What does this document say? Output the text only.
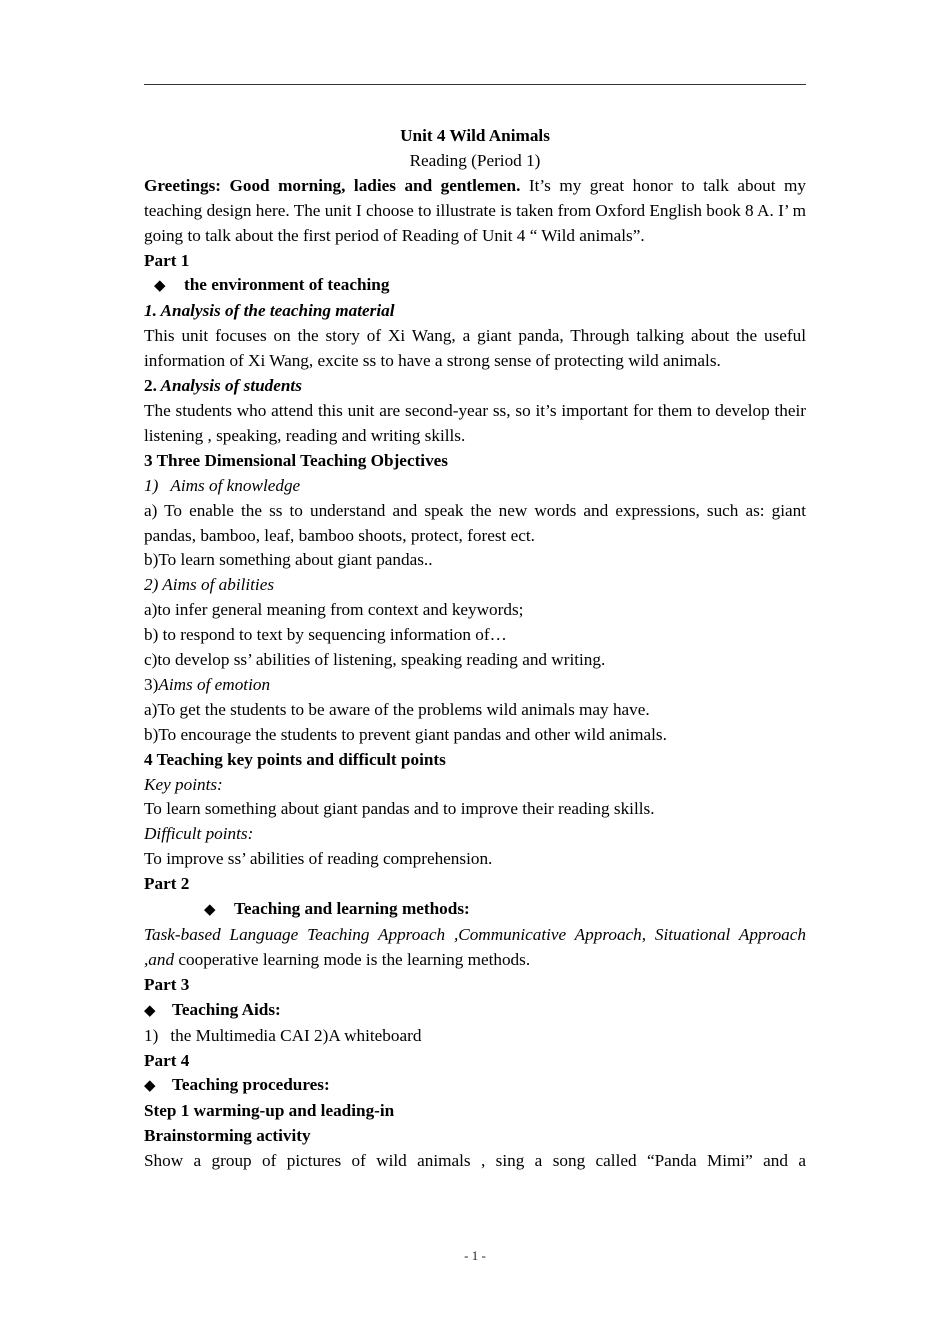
Unit 4 Wild Animals
Reading (Period 1)
Greetings: Good morning, ladies and gentlemen. It’s my great honor to talk about my teaching design here. The unit I choose to illustrate is taken from Oxford English book 8 A. I’ m going to talk about the first period of Reading of Unit 4 “ Wild animals”.
Part 1
◆ the environment of teaching
1. Analysis of the teaching material
This unit focuses on the story of Xi Wang, a giant panda, Through talking about the useful information of Xi Wang, excite ss to have a strong sense of protecting wild animals.
2. Analysis of students
The students who attend this unit are second-year ss, so it’s important for them to develop their listening , speaking, reading and writing skills.
3 Three Dimensional Teaching Objectives
1) Aims of knowledge
a) To enable the ss to understand and speak the new words and expressions, such as: giant pandas, bamboo, leaf, bamboo shoots, protect, forest ect.
b)To learn something about giant pandas..
2) Aims of abilities
a)to infer general meaning from context and keywords;
b) to respond to text by sequencing information of…
c)to develop ss’ abilities of listening, speaking reading and writing.
3)Aims of emotion
a)To get the students to be aware of the problems wild animals may have.
b)To encourage the students to prevent giant pandas and other wild animals.
4 Teaching key points and difficult points
Key points:
To learn something about giant pandas and to improve their reading skills.
Difficult points:
To improve ss’ abilities of reading comprehension.
Part 2
◆ Teaching and learning methods:
Task-based Language Teaching Approach ,Communicative Approach, Situational Approach ,and cooperative learning mode is the learning methods.
Part 3
◆ Teaching Aids:
1) the Multimedia CAI 2)A whiteboard
Part 4
◆ Teaching procedures:
Step 1 warming-up and leading-in
Brainstorming activity
Show a group of pictures of wild animals , sing a song called “Panda Mimi” and a
- 1 -
